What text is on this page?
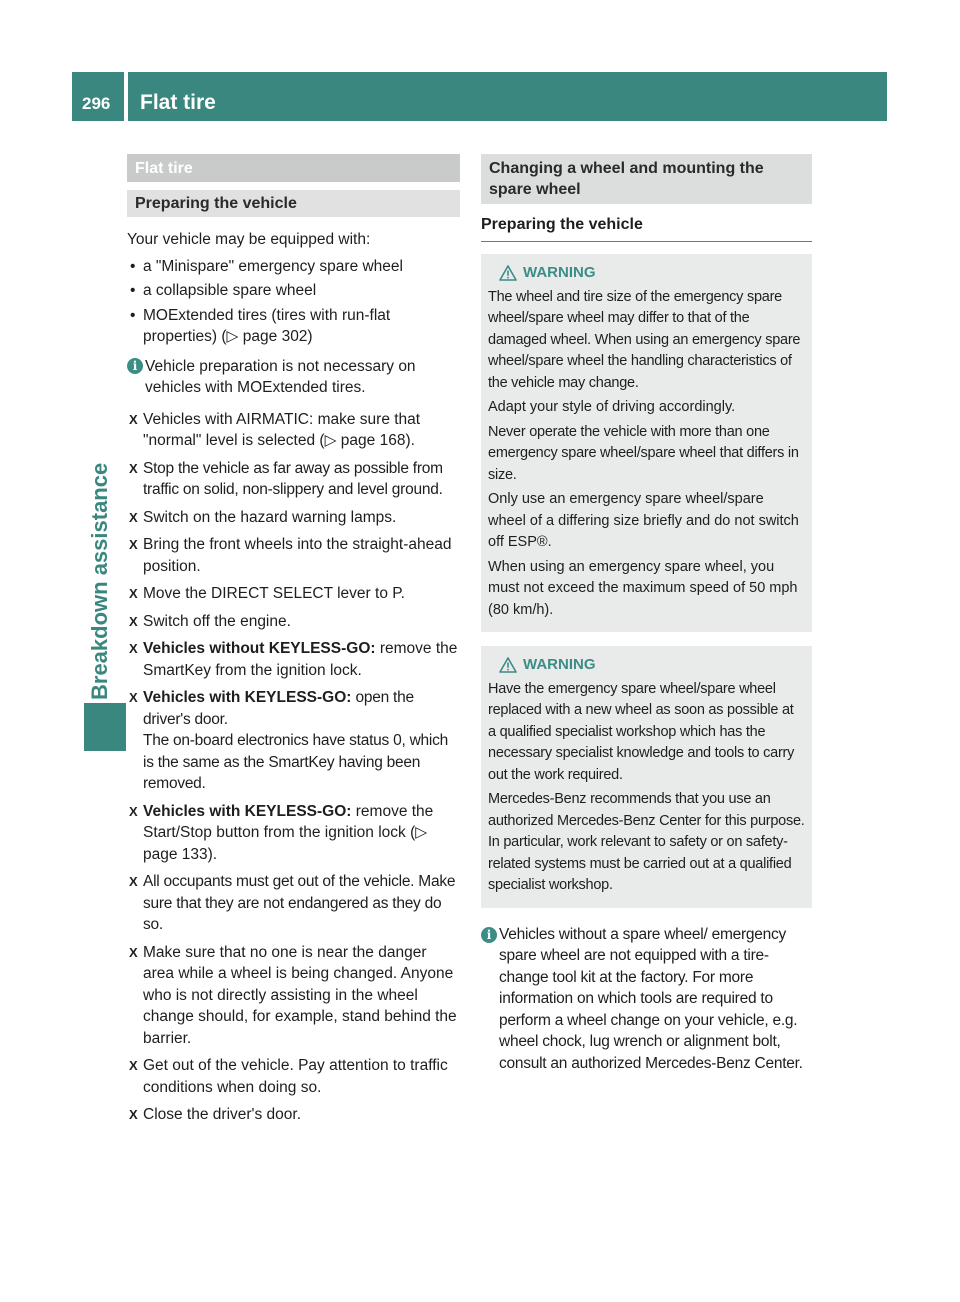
296 Flat tire
Breakdown assistance
Flat tire
Preparing the vehicle

Your vehicle may be equipped with:

• a "Minispare" emergency spare wheel
• a collapsible spare wheel
• MOExtended tires (tires with run-flat properties) (▷ page 302)
i Vehicle preparation is not necessary on vehicles with MOExtended tires.
X Vehicles with AIRMATIC: make sure that "normal" level is selected (▷ page 168).
X Stop the vehicle as far away as possible from traffic on solid, non-slippery and level ground.
X Switch on the hazard warning lamps.
X Bring the front wheels into the straight-ahead position.
X Move the DIRECT SELECT lever to P.
X Switch off the engine.
X Vehicles without KEYLESS-GO: remove the SmartKey from the ignition lock.
X Vehicles with KEYLESS-GO: open the driver's door.
The on-board electronics have status 0, which is the same as the SmartKey having been removed.
X Vehicles with KEYLESS-GO: remove the Start/Stop button from the ignition lock (▷ page 133).
X All occupants must get out of the vehicle. Make sure that they are not endangered as they do so.
X Make sure that no one is near the danger area while a wheel is being changed. Anyone who is not directly assisting in the wheel change should, for example, stand behind the barrier.
X Get out of the vehicle. Pay attention to traffic conditions when doing so.
X Close the driver's door.
Changing a wheel and mounting the spare wheel
Preparing the vehicle
WARNING

The wheel and tire size of the emergency spare wheel/spare wheel may differ to that of the damaged wheel. When using an emergency spare wheel/spare wheel the handling characteristics of the vehicle may change.

Adapt your style of driving accordingly.

Never operate the vehicle with more than one emergency spare wheel/spare wheel that differs in size.

Only use an emergency spare wheel/spare wheel of a differing size briefly and do not switch off ESP®.

When using an emergency spare wheel, you must not exceed the maximum speed of 50 mph (80 km/h).

WARNING

Have the emergency spare wheel/spare wheel replaced with a new wheel as soon as possible at a qualified specialist workshop which has the necessary specialist knowledge and tools to carry out the work required.

Mercedes-Benz recommends that you use an authorized Mercedes-Benz Center for this purpose. In particular, work relevant to safety or on safety-related systems must be carried out at a qualified specialist workshop.

i Vehicles without a spare wheel/ emergency spare wheel are not equipped with a tire-change tool kit at the factory. For more information on which tools are required to perform a wheel change on your vehicle, e.g. wheel chock, lug wrench or alignment bolt, consult an authorized Mercedes-Benz Center.
